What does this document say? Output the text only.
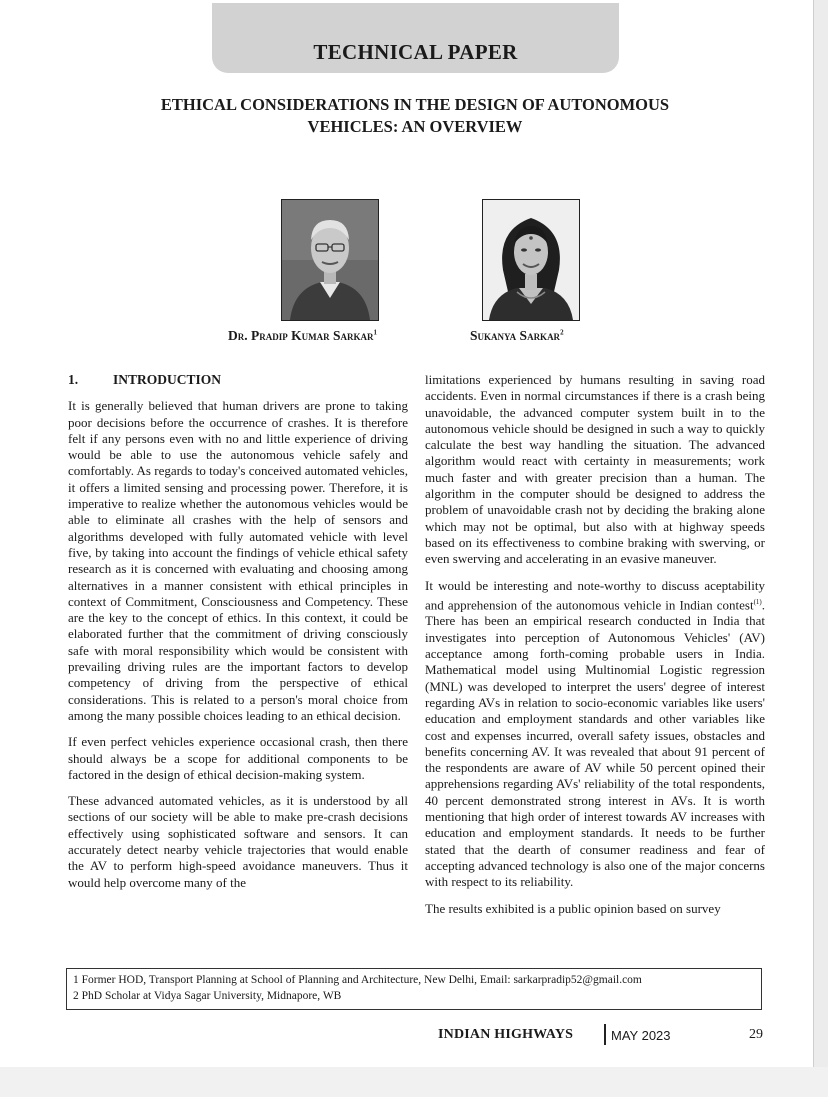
TECHNICAL PAPER
ETHICAL CONSIDERATIONS IN THE DESIGN OF AUTONOMOUS
VEHICLES: AN OVERVIEW
Dr. Pradip Kumar Sarkar$^1$	Sukanya Sarkar$^2$
1.	INTRODUCTION

It is generally believed that human drivers are prone to taking poor decisions before the occurrence of crashes. It is therefore felt if any persons even with no and little experience of driving would be able to use the autonomous vehicle safely and comfortably. As regards to today's conceived automated vehicles, it offers a limited sensing and processing power. Therefore, it is imperative to realize whether the autonomous vehicles would be able to eliminate all crashes with the help of sensors and algorithms developed with fully automated vehicle with level five, by taking into account the findings of vehicle ethical safety research as it is concerned with evaluating and choosing among alternatives in a manner consistent with ethical principles in context of Commitment, Consciousness and Competency. These are the key to the concept of ethics. In this context, it could be elaborated further that the commitment of driving consciously safe with moral responsibility which would be consistent with prevailing driving rules are the important factors to develop competency of driving from the perspective of ethical considerations. This is related to a person's moral choice from among the many possible choices leading to an ethical decision.

If even perfect vehicles experience occasional crash, then there should always be a scope for additional components to be factored in the design of ethical decision-making system.

These advanced automated vehicles, as it is understood by all sections of our society will be able to make pre-crash decisions effectively using sophisticated software and sensors. It can accurately detect nearby vehicle trajectories that would enable the AV to perform high-speed avoidance maneuvers. Thus it would help overcome many of the

limitations experienced by humans resulting in saving road accidents. Even in normal circumstances if there is a crash being unavoidable, the advanced computer system built in to the autonomous vehicle should be designed in such a way to quickly calculate the best way handling the situation. The advanced algorithm would react with certainty in measurements; work much faster and with greater precision than a human. The algorithm in the computer should be designed to address the problem of unavoidable crash not by deciding the braking alone which may not be optimal, but also with at highway speeds based on its effectiveness to combine braking with swerving, or even swerving and accelerating in an evasive maneuver.

It would be interesting and note-worthy to discuss aceptability and apprehension of the autonomous vehicle in Indian contest$^{(1)}$. There has been an empirical research conducted in India that investigates into perception of Autonomous Vehicles' (AV) acceptance among forth-coming probable users in India. Mathematical model using Multinomial Logistic regression (MNL) was developed to interpret the users' degree of interest regarding AVs in relation to socio-economic variables like users' education and employment standards and other variables like cost and expenses incurred, overall safety issues, obstacles and benefits concerning AV. It was revealed that about 91 percent of the respondents are aware of AV while 50 percent opined their apprehensions regarding AVs' reliability of the total respondents, 40 percent demonstrated strong interest in AVs. It is worth mentioning that high order of interest towards AV increases with education and employment standards. It needs to be further stated that the dearth of consumer readiness and fear of accepting advanced technology is also one of the major concerns with respect to its reliability.

The results exhibited is a public opinion based on survey

1 Former HOD, Transport Planning at School of Planning and Architecture, New Delhi, Email: sarkarpradip52@gmail.com
2 PhD Scholar at Vidya Sagar University, Midnapore, WB
INDIAN HIGHWAYS	MAY 2023	29
